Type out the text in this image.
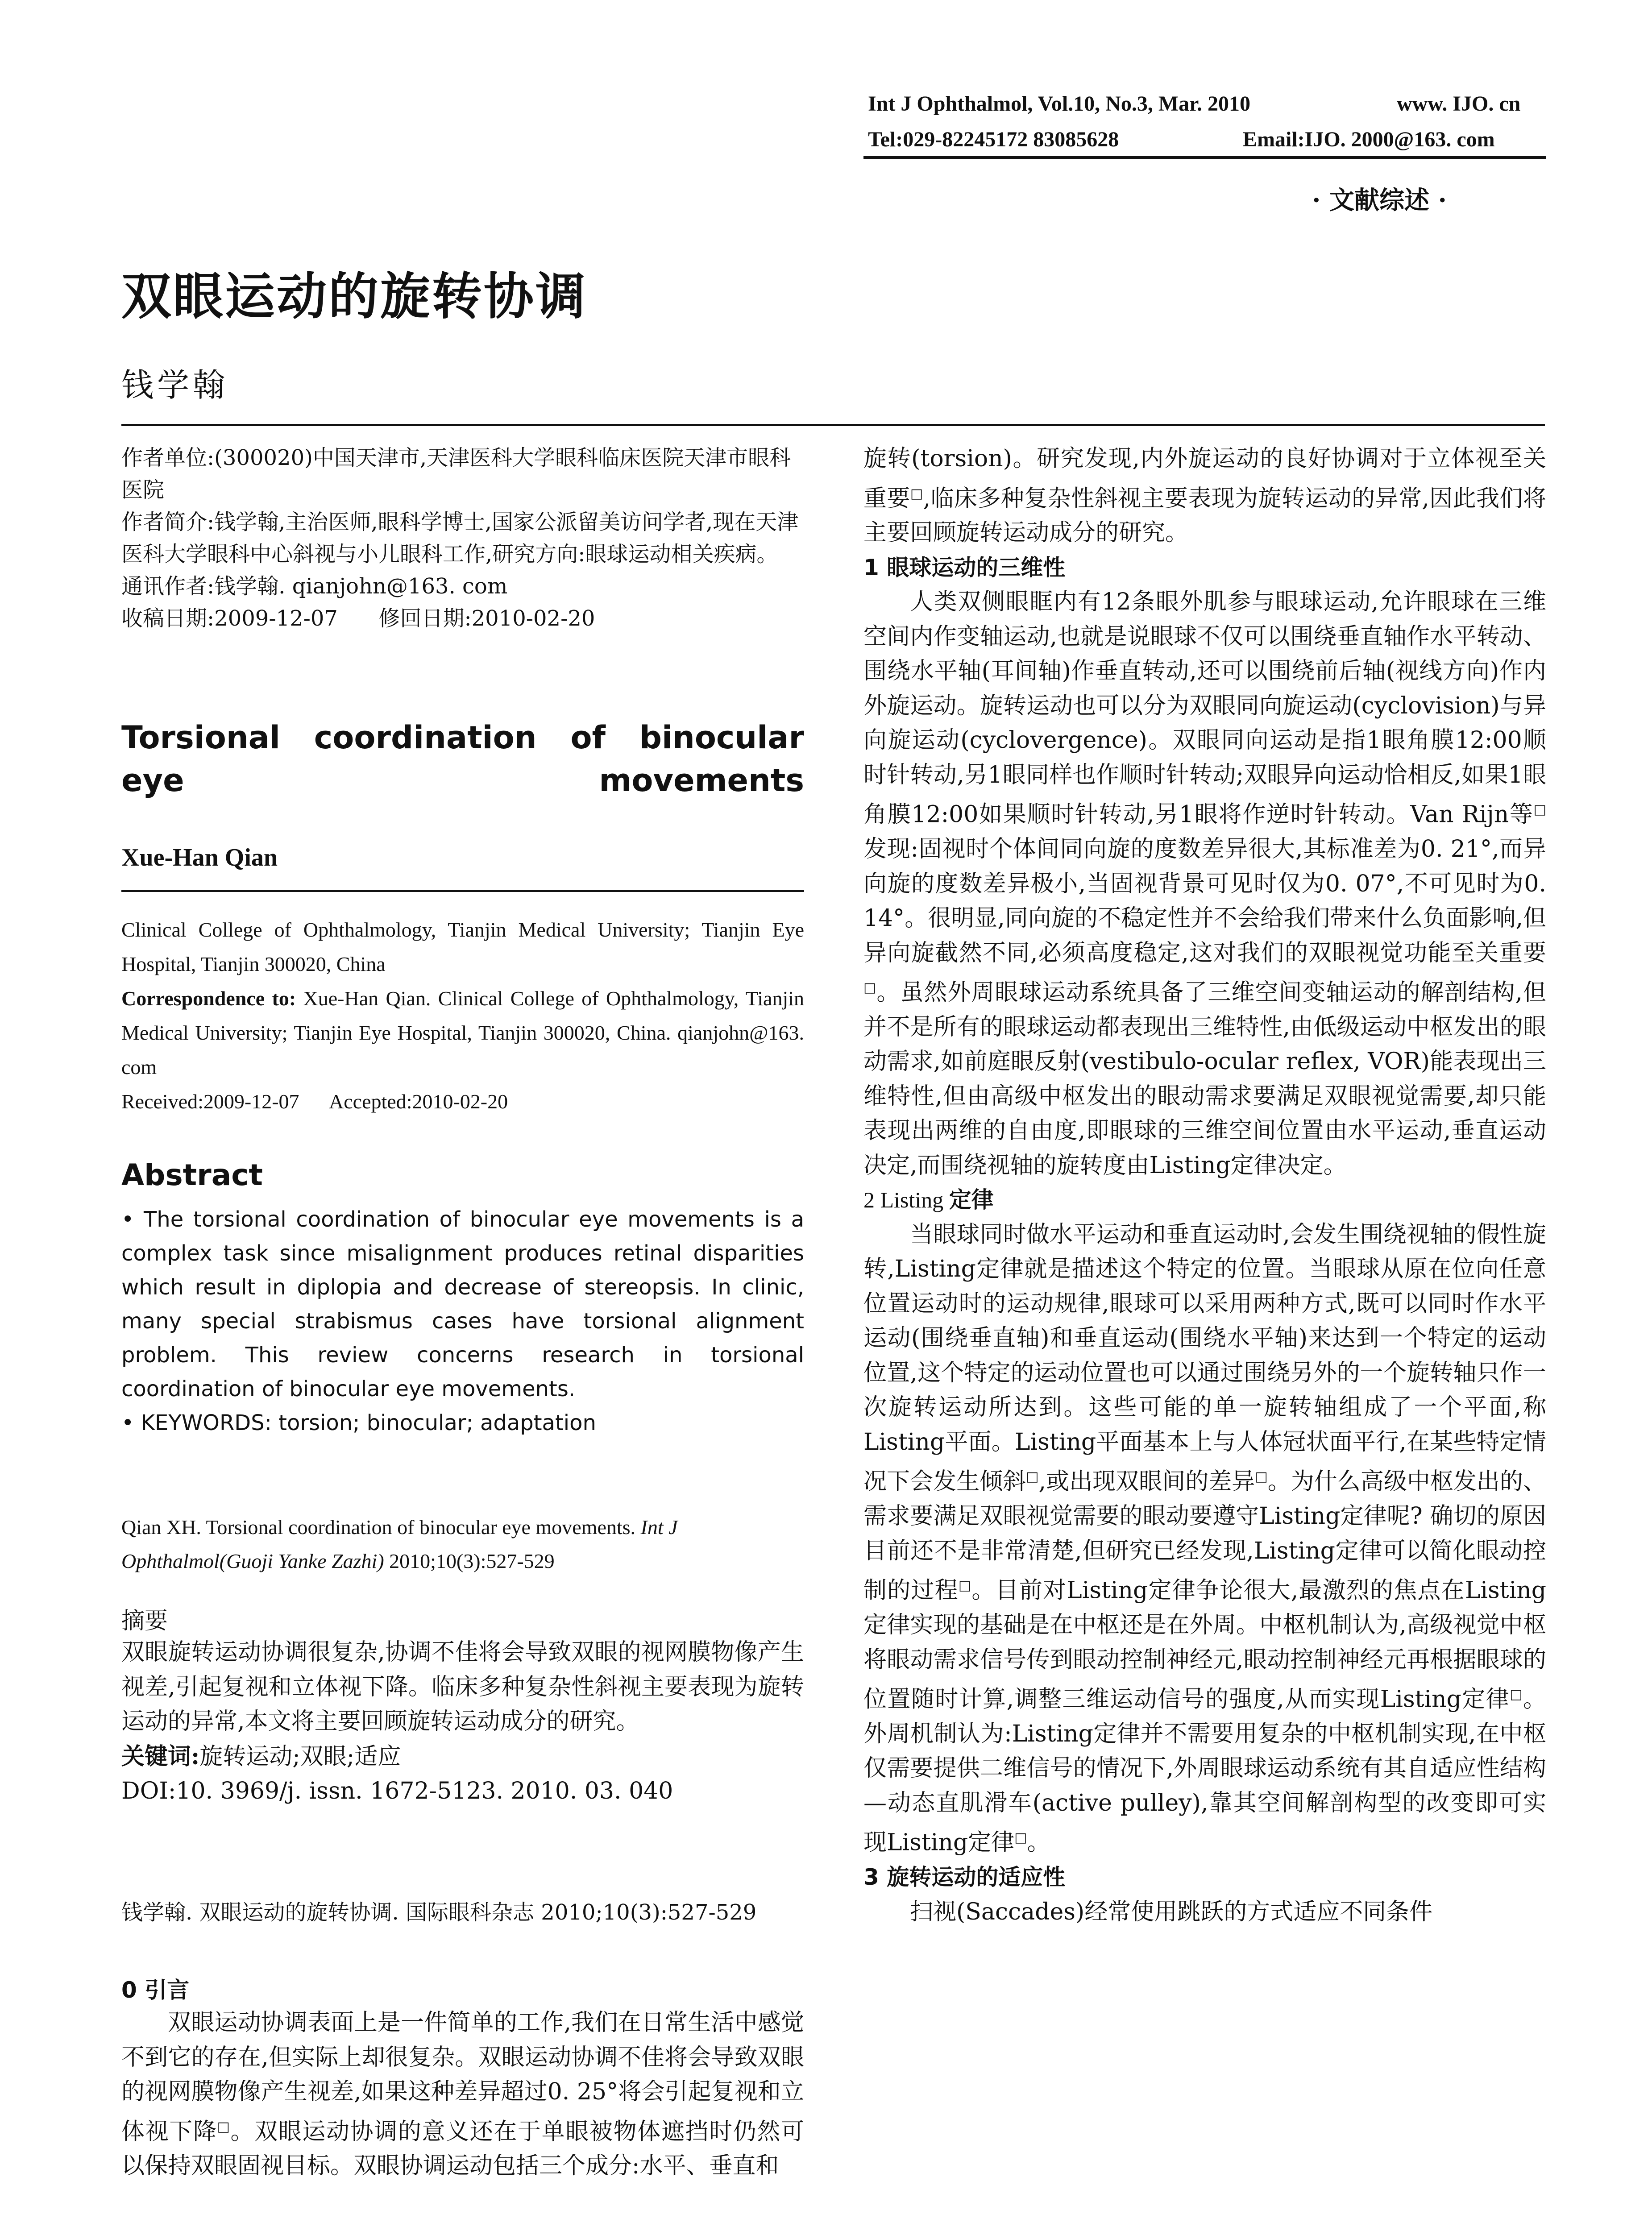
Int J Ophthalmol, Vol.10, No.3, Mar. 2010	www. IJO. cn
Tel:029-82245172 83085628	Email:IJO. 2000@163. com
· 文献综述 ·
双眼运动的旋转协调
钱学翰
作者单位:(300020)中国天津市,天津医科大学眼科临床医院天津市眼科医院
作者简介:钱学翰,主治医师,眼科学博士,国家公派留美访问学者,现在天津医科大学眼科中心斜视与小儿眼科工作,研究方向:眼球运动相关疾病。
通讯作者:钱学翰. qianjohn@163. com
收稿日期:2009-12-07      修回日期:2010-02-20
Torsional coordination of binocular eye movements
Xue-Han Qian
Clinical College of Ophthalmology, Tianjin Medical University; Tianjin Eye Hospital, Tianjin 300020, China
Correspondence to: Xue-Han Qian. Clinical College of Ophthalmology, Tianjin Medical University; Tianjin Eye Hospital, Tianjin 300020, China. qianjohn@163. com
Received:2009-12-07      Accepted:2010-02-20
Abstract
• The torsional coordination of binocular eye movements is a complex task since misalignment produces retinal disparities which result in diplopia and decrease of stereopsis. In clinic, many special strabismus cases have torsional alignment problem. This review concerns research in torsional coordination of binocular eye movements.
• KEYWORDS: torsion; binocular; adaptation
Qian XH. Torsional coordination of binocular eye movements. Int J Ophthalmol(Guoji Yanke Zazhi) 2010;10(3):527-529
摘要

双眼旋转运动协调很复杂,协调不佳将会导致双眼的视网膜物像产生视差,引起复视和立体视下降。临床多种复杂性斜视主要表现为旋转运动的异常,本文将主要回顾旋转运动成分的研究。

关键词:旋转运动;双眼;适应

DOI:10. 3969/j. issn. 1672-5123. 2010. 03. 040

钱学翰. 双眼运动的旋转协调. 国际眼科杂志 2010;10(3):527-529
0 引言

双眼运动协调表面上是一件简单的工作,我们在日常生活中感觉不到它的存在,但实际上却很复杂。双眼运动协调不佳将会导致双眼的视网膜物像产生视差,如果这种差异超过0. 25°将会引起复视和立体视下降□。双眼运动协调的意义还在于单眼被物体遮挡时仍然可以保持双眼固视目标。双眼协调运动包括三个成分:水平、垂直和

旋转(torsion)。研究发现,内外旋运动的良好协调对于立体视至关重要□,临床多种复杂性斜视主要表现为旋转运动的异常,因此我们将主要回顾旋转运动成分的研究。

1 眼球运动的三维性

人类双侧眼眶内有12条眼外肌参与眼球运动,允许眼球在三维空间内作变轴运动,也就是说眼球不仅可以围绕垂直轴作水平转动、围绕水平轴(耳间轴)作垂直转动,还可以围绕前后轴(视线方向)作内外旋运动。旋转运动也可以分为双眼同向旋运动(cyclovision)与异向旋运动(cyclovergence)。双眼同向运动是指1眼角膜12:00顺时针转动,另1眼同样也作顺时针转动;双眼异向运动恰相反,如果1眼角膜12:00如果顺时针转动,另1眼将作逆时针转动。Van Rijn等□发现:固视时个体间同向旋的度数差异很大,其标准差为0. 21°,而异向旋的度数差异极小,当固视背景可见时仅为0. 07°,不可见时为0. 14°。很明显,同向旋的不稳定性并不会给我们带来什么负面影响,但异向旋截然不同,必须高度稳定,这对我们的双眼视觉功能至关重要□。虽然外周眼球运动系统具备了三维空间变轴运动的解剖结构,但并不是所有的眼球运动都表现出三维特性,由低级运动中枢发出的眼动需求,如前庭眼反射(vestibulo-ocular reflex, VOR)能表现出三维特性,但由高级中枢发出的眼动需求要满足双眼视觉需要,却只能表现出两维的自由度,即眼球的三维空间位置由水平运动,垂直运动决定,而围绕视轴的旋转度由Listing定律决定。

2 Listing 定律

当眼球同时做水平运动和垂直运动时,会发生围绕视轴的假性旋转,Listing定律就是描述这个特定的位置。当眼球从原在位向任意位置运动时的运动规律,眼球可以采用两种方式,既可以同时作水平运动(围绕垂直轴)和垂直运动(围绕水平轴)来达到一个特定的运动位置,这个特定的运动位置也可以通过围绕另外的一个旋转轴只作一次旋转运动所达到。这些可能的单一旋转轴组成了一个平面,称Listing平面。Listing平面基本上与人体冠状面平行,在某些特定情况下会发生倾斜□,或出现双眼间的差异□。为什么高级中枢发出的、需求要满足双眼视觉需要的眼动要遵守Listing定律呢? 确切的原因目前还不是非常清楚,但研究已经发现,Listing定律可以简化眼动控制的过程□。目前对Listing定律争论很大,最激烈的焦点在Listing定律实现的基础是在中枢还是在外周。中枢机制认为,高级视觉中枢将眼动需求信号传到眼动控制神经元,眼动控制神经元再根据眼球的位置随时计算,调整三维运动信号的强度,从而实现Listing定律□。外周机制认为:Listing定律并不需要用复杂的中枢机制实现,在中枢仅需要提供二维信号的情况下,外周眼球运动系统有其自适应性结构—动态直肌滑车(active pulley),靠其空间解剖构型的改变即可实现Listing定律□。

3 旋转运动的适应性

扫视(Saccades)经常使用跳跃的方式适应不同条件
